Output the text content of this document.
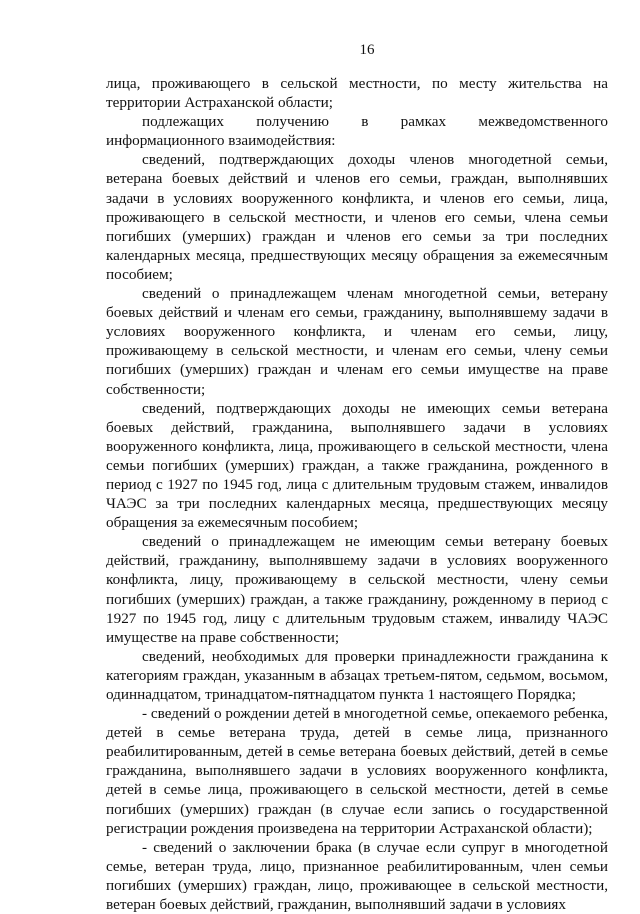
16

лица, проживающего в сельской местности, по месту жительства на территории Астраханской области;

подлежащих получению в рамках межведомственного информационного взаимодействия:

сведений, подтверждающих доходы членов многодетной семьи, ветерана боевых действий и членов его семьи, граждан, выполнявших задачи в условиях вооруженного конфликта, и членов его семьи, лица, проживающего в сельской местности, и членов его семьи, члена семьи погибших (умерших) граждан и членов его семьи за три последних календарных месяца, предшествующих месяцу обращения за ежемесячным пособием;

сведений о принадлежащем членам многодетной семьи, ветерану боевых действий и членам его семьи, гражданину, выполнявшему задачи в условиях вооруженного конфликта, и членам его семьи, лицу, проживающему в сельской местности, и членам его семьи, члену семьи погибших (умерших) граждан и членам его семьи имуществе на праве собственности;

сведений, подтверждающих доходы не имеющих семьи ветерана боевых действий, гражданина, выполнявшего задачи в условиях вооруженного конфликта, лица, проживающего в сельской местности, члена семьи погибших (умерших) граждан, а также гражданина, рожденного в период с 1927 по 1945 год, лица с длительным трудовым стажем, инвалидов ЧАЭС за три последних календарных месяца, предшествующих месяцу обращения за ежемесячным пособием;

сведений о принадлежащем не имеющим семьи ветерану боевых действий, гражданину, выполнявшему задачи в условиях вооруженного конфликта, лицу, проживающему в сельской местности, члену семьи погибших (умерших) граждан, а также гражданину, рожденному в период с 1927 по 1945 год, лицу с длительным трудовым стажем, инвалиду ЧАЭС имуществе на праве собственности;

сведений, необходимых для проверки принадлежности гражданина к категориям граждан, указанным в абзацах третьем-пятом, седьмом, восьмом, одиннадцатом, тринадцатом-пятнадцатом пункта 1 настоящего Порядка;

- сведений о рождении детей в многодетной семье, опекаемого ребенка, детей в семье ветерана труда, детей в семье лица, признанного реабилитированным, детей в семье ветерана боевых действий, детей в семье гражданина, выполнявшего задачи в условиях вооруженного конфликта, детей в семье лица, проживающего в сельской местности, детей в семье погибших (умерших) граждан (в случае если запись о государственной регистрации рождения произведена на территории Астраханской области);

- сведений о заключении брака (в случае если супруг в многодетной семье, ветеран труда, лицо, признанное реабилитированным, член семьи погибших (умерших) граждан, лицо, проживающее в сельской местности, ветеран боевых действий, гражданин, выполнявший задачи в условиях
